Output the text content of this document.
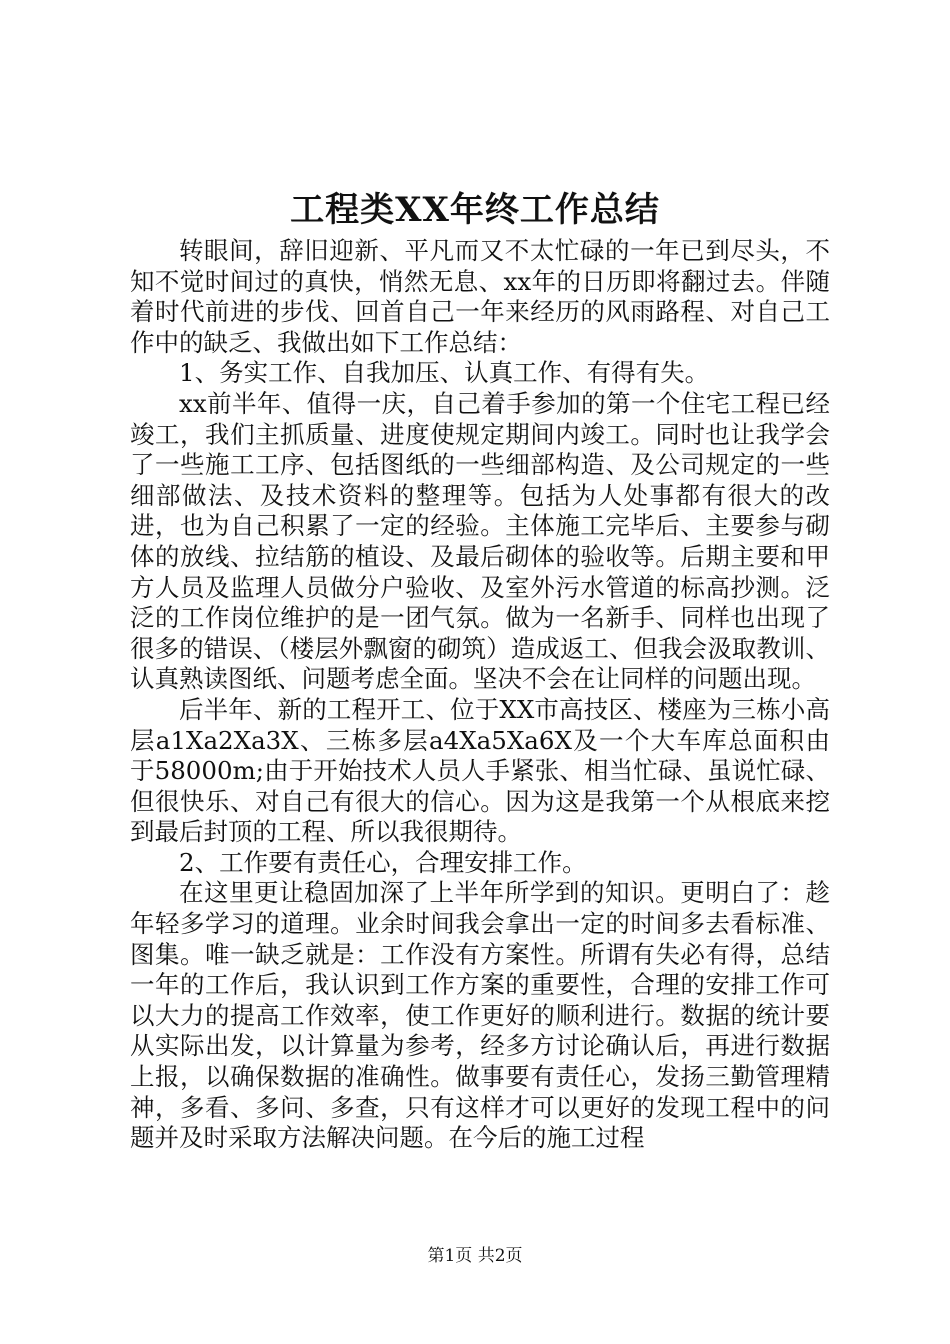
工程类XX年终工作总结

转眼间，辞旧迎新、平凡而又不太忙碌的一年已到尽头，不知不觉时间过的真快，悄然无息、xx年的日历即将翻过去。伴随着时代前进的步伐、回首自己一年来经历的风雨路程、对自己工作中的缺乏、我做出如下工作总结：

1、务实工作、自我加压、认真工作、有得有失。

xx前半年、值得一庆，自己着手参加的第一个住宅工程已经竣工，我们主抓质量、进度使规定期间内竣工。同时也让我学会了一些施工工序、包括图纸的一些细部构造、及公司规定的一些细部做法、及技术资料的整理等。包括为人处事都有很大的改进，也为自己积累了一定的经验。主体施工完毕后、主要参与砌体的放线、拉结筋的植设、及最后砌体的验收等。后期主要和甲方人员及监理人员做分户验收、及室外污水管道的标高抄测。泛泛的工作岗位维护的是一团气氛。做为一名新手、同样也出现了很多的错误、（楼层外飘窗的砌筑）造成返工、但我会汲取教训、认真熟读图纸、问题考虑全面。坚决不会在让同样的问题出现。

后半年、新的工程开工、位于XX市高技区、楼座为三栋小高层a1Xa2Xa3X、三栋多层a4Xa5Xa6X及一个大车库总面积由于58000m;由于开始技术人员人手紧张、相当忙碌、虽说忙碌、但很快乐、对自己有很大的信心。因为这是我第一个从根底来挖到最后封顶的工程、所以我很期待。

2、工作要有责任心，合理安排工作。

在这里更让稳固加深了上半年所学到的知识。更明白了：趁年轻多学习的道理。业余时间我会拿出一定的时间多去看标准、图集。唯一缺乏就是：工作没有方案性。所谓有失必有得，总结一年的工作后，我认识到工作方案的重要性，合理的安排工作可以大力的提高工作效率，使工作更好的顺利进行。数据的统计要从实际出发，以计算量为参考，经多方讨论确认后，再进行数据上报，以确保数据的准确性。做事要有责任心，发扬三勤管理精神，多看、多问、多查，只有这样才可以更好的发现工程中的问题并及时采取方法解决问题。在今后的施工过程

第1页 共2页
